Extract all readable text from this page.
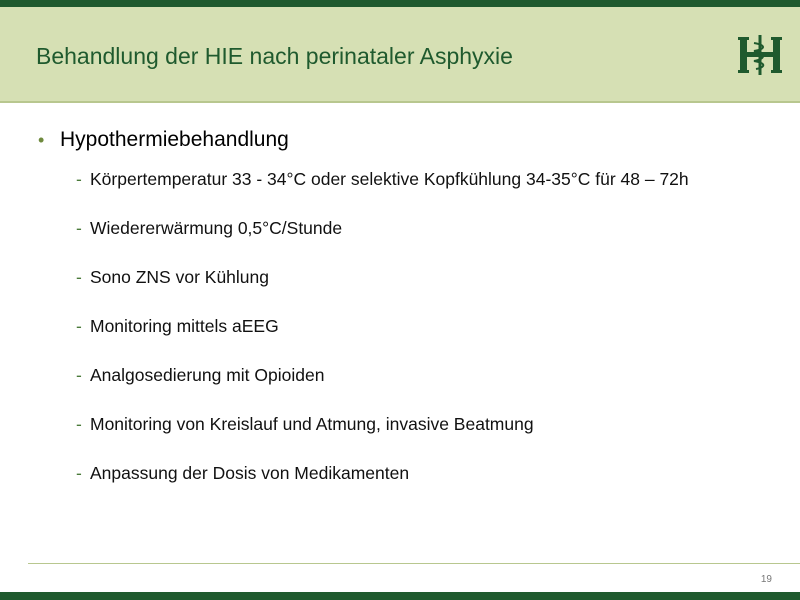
Behandlung der HIE nach perinataler Asphyxie
• Hypothermiebehandlung
- Körpertemperatur 33 - 34°C oder selektive Kopfkühlung 34-35°C für 48 – 72h
- Wiedererwärmung 0,5°C/Stunde
- Sono ZNS vor Kühlung
- Monitoring mittels aEEG
- Analgosedierung mit Opioiden
- Monitoring von Kreislauf und Atmung, invasive Beatmung
- Anpassung der Dosis von Medikamenten
19
